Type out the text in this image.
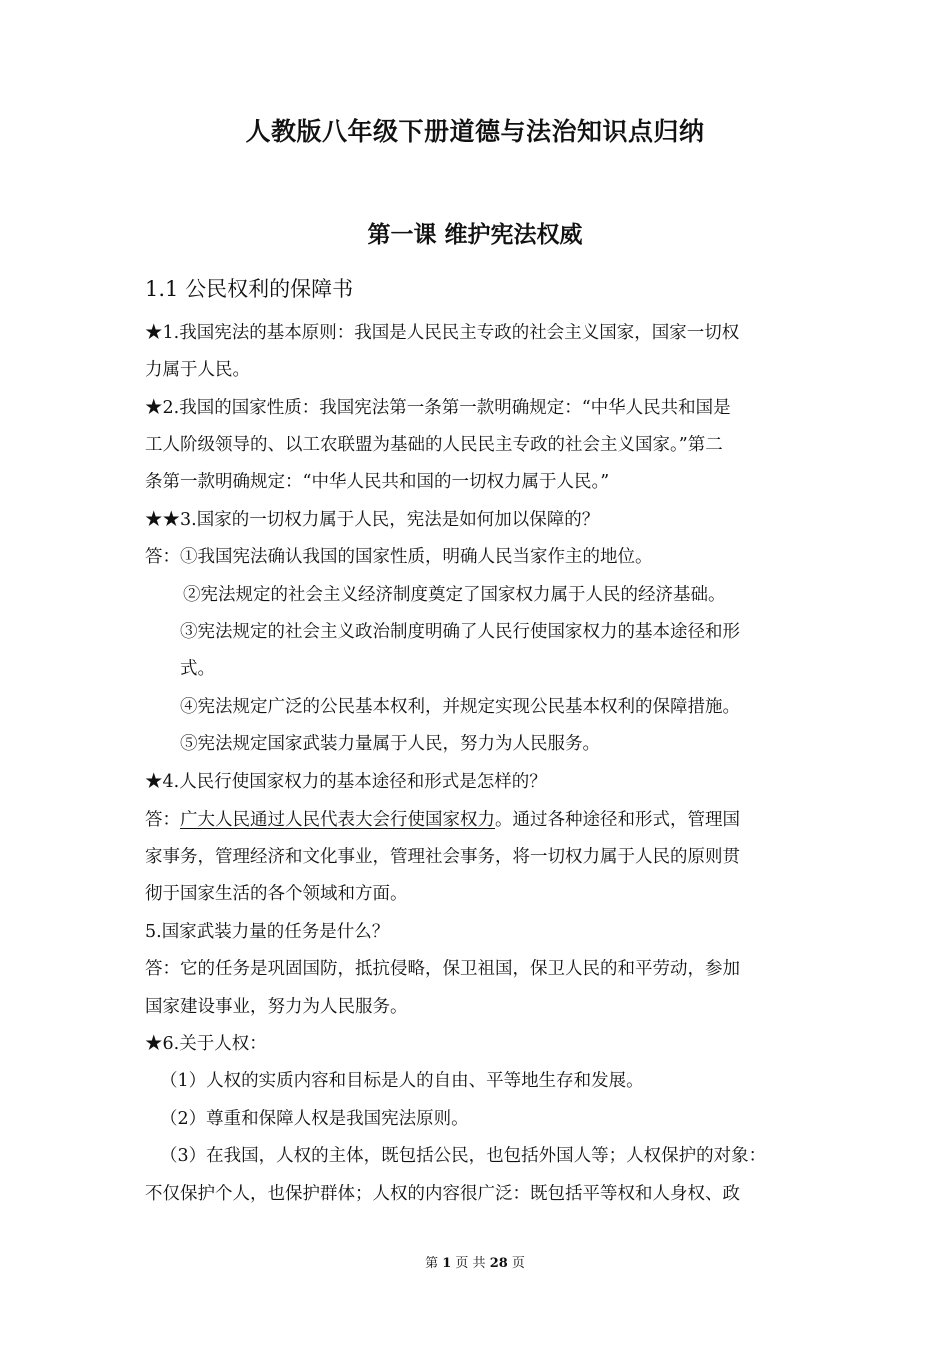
人教版八年级下册道德与法治知识点归纳
第一课 维护宪法权威
1.1 公民权利的保障书
★1.我国宪法的基本原则：我国是人民民主专政的社会主义国家，国家一切权
力属于人民。
★2.我国的国家性质：我国宪法第一条第一款明确规定：“中华人民共和国是
工人阶级领导的、以工农联盟为基础的人民民主专政的社会主义国家。”第二
条第一款明确规定：“中华人民共和国的一切权力属于人民。”
★★3.国家的一切权力属于人民，宪法是如何加以保障的？
答：①我国宪法确认我国的国家性质，明确人民当家作主的地位。
②宪法规定的社会主义经济制度奠定了国家权力属于人民的经济基础。
③宪法规定的社会主义政治制度明确了人民行使国家权力的基本途径和形
式。
④宪法规定广泛的公民基本权利，并规定实现公民基本权利的保障措施。
⑤宪法规定国家武装力量属于人民，努力为人民服务。
★4.人民行使国家权力的基本途径和形式是怎样的？
答：广大人民通过人民代表大会行使国家权力。通过各种途径和形式，管理国
家事务，管理经济和文化事业，管理社会事务，将一切权力属于人民的原则贯
彻于国家生活的各个领域和方面。
5.国家武装力量的任务是什么？
答：它的任务是巩固国防，抵抗侵略，保卫祖国，保卫人民的和平劳动，参加
国家建设事业，努力为人民服务。
★6.关于人权：
（1）人权的实质内容和目标是人的自由、平等地生存和发展。
（2）尊重和保障人权是我国宪法原则。
（3）在我国，人权的主体，既包括公民，也包括外国人等；人权保护的对象：
不仅保护个人，也保护群体；人权的内容很广泛：既包括平等权和人身权、政
第 1 页 共 28 页
